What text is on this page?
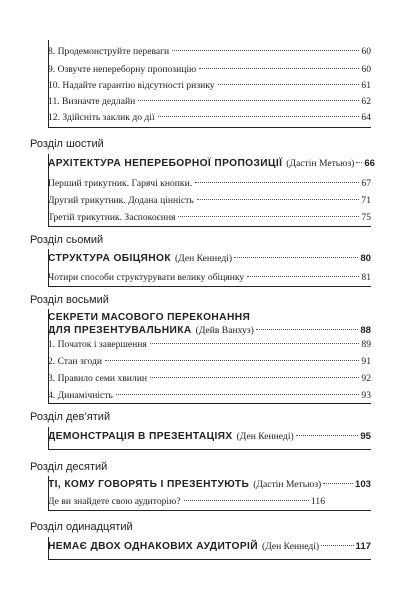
8. Продемонструйте переваги	60
9. Озвучте непереборну пропозицію	60
10. Надайте гарантію відсутності ризику	61
11. Визначте дедлайн	62
12. Здійсніть заклик до дії	64
Розділ шостий
АРХІТЕКТУРА НЕПЕРЕБОРНОЇ ПРОПОЗИЦІЇ (Дастін Метьюз) 66
Перший трикутник. Гарячі кнопки.	67
Другий трикутник. Додана цінність	71
Третій трикутник. Заспокоєння	75
Розділ сьомий
СТРУКТУРА ОБІЦЯНОК (Ден Кеннеді)	80
Чотири способи структурувати велику обіцянку	81
Розділ восьмий
СЕКРЕТИ МАСОВОГО ПЕРЕКОНАННЯ
ДЛЯ ПРЕЗЕНТУВАЛЬНИКА (Дейв Ванхуз)	88
1. Початок і завершення	89
2. Стан згоди	91
3. Правило семи хвилин	92
4. Динамічність	93
Розділ дев’ятий
ДЕМОНСТРАЦІЯ В ПРЕЗЕНТАЦІЯХ (Ден Кеннеді)	95
Розділ десятий
ТІ, КОМУ ГОВОРЯТЬ І ПРЕЗЕНТУЮТЬ (Дастін Метьюз)	103
Де ви знайдете свою аудиторію?	116
Розділ одинадцятий
НЕМАЄ ДВОХ ОДНАКОВИХ АУДИТОРІЙ (Ден Кеннеді)	117
